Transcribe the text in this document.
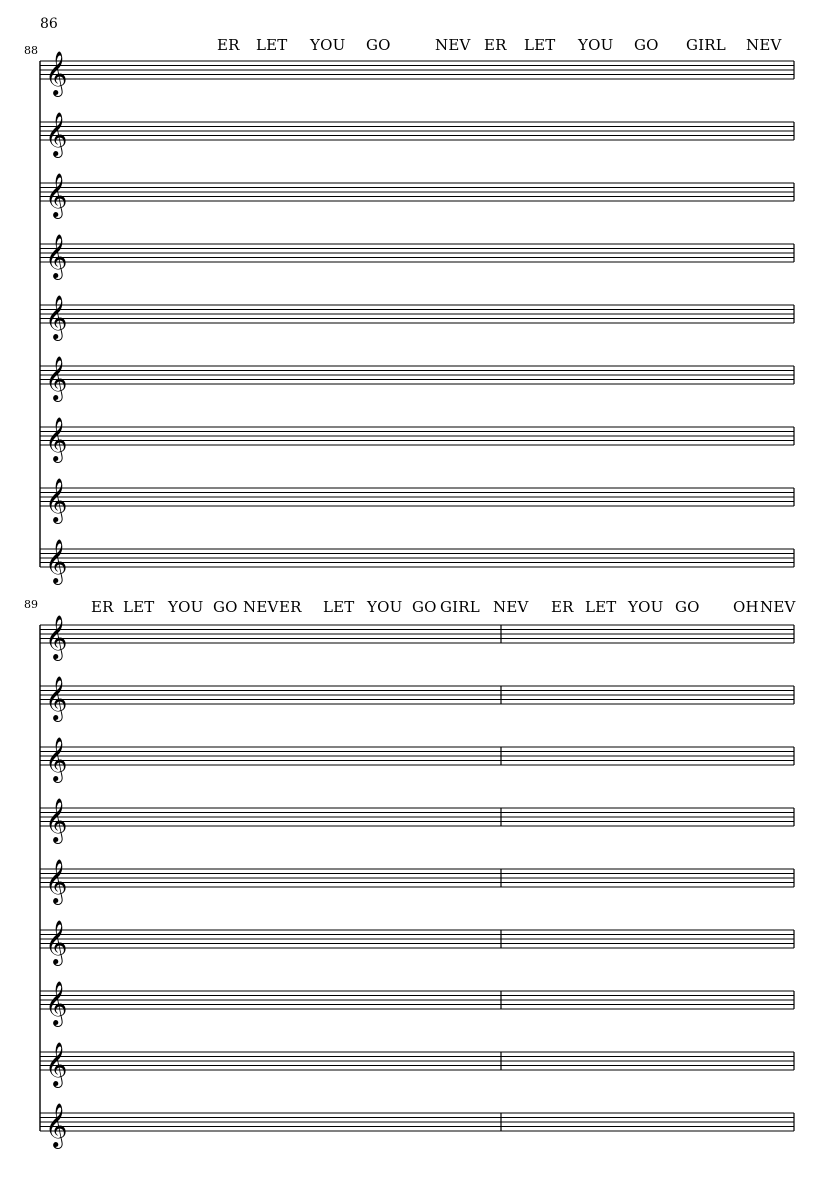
86
88
89
ER LET YOU GO	NEV ER LET YOU GO GIRL NEV
ER LET YOU GO NEV ER LET YOU GO GIRL NEV ER LET YOU GO OH NEV
𝄞
𝄞
𝄞
𝄞
𝄞
𝄞
𝄞
𝄞
𝄞
𝄞
𝄞
𝄞
𝄞
𝄞
𝄞
𝄞
𝄞
𝄞
